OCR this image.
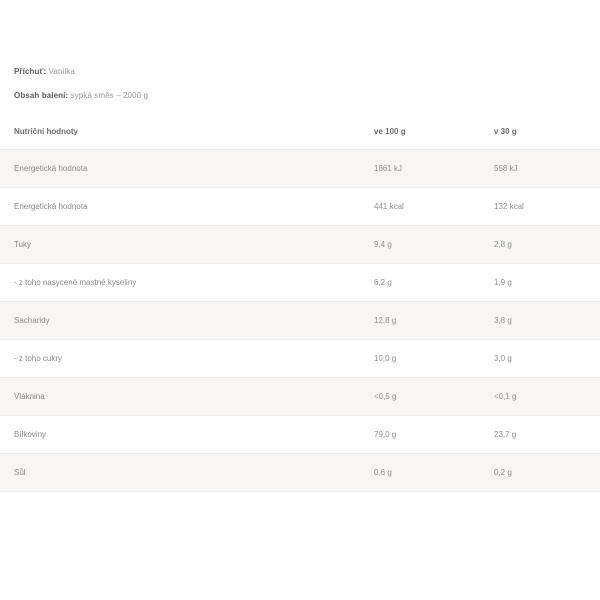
Příchuť: Vanilka
Obsah balení: sypká směs – 2000 g
Nutriční hodnoty	ve 100 g	v 30 g
Energetická hodnota	1861 kJ	558 kJ
Energetická hodnota	441 kcal	132 kcal
Tuky	9,4 g	2,8 g
- z toho nasycené mastné kyseliny	6,2 g	1,9 g
Sacharidy	12,8 g	3,8 g
- z toho cukry	10,0 g	3,0 g
Vláknina	<0,5 g	<0,1 g
Bílkoviny	79,0 g	23,7 g
Sůl	0,6 g	0,2 g
